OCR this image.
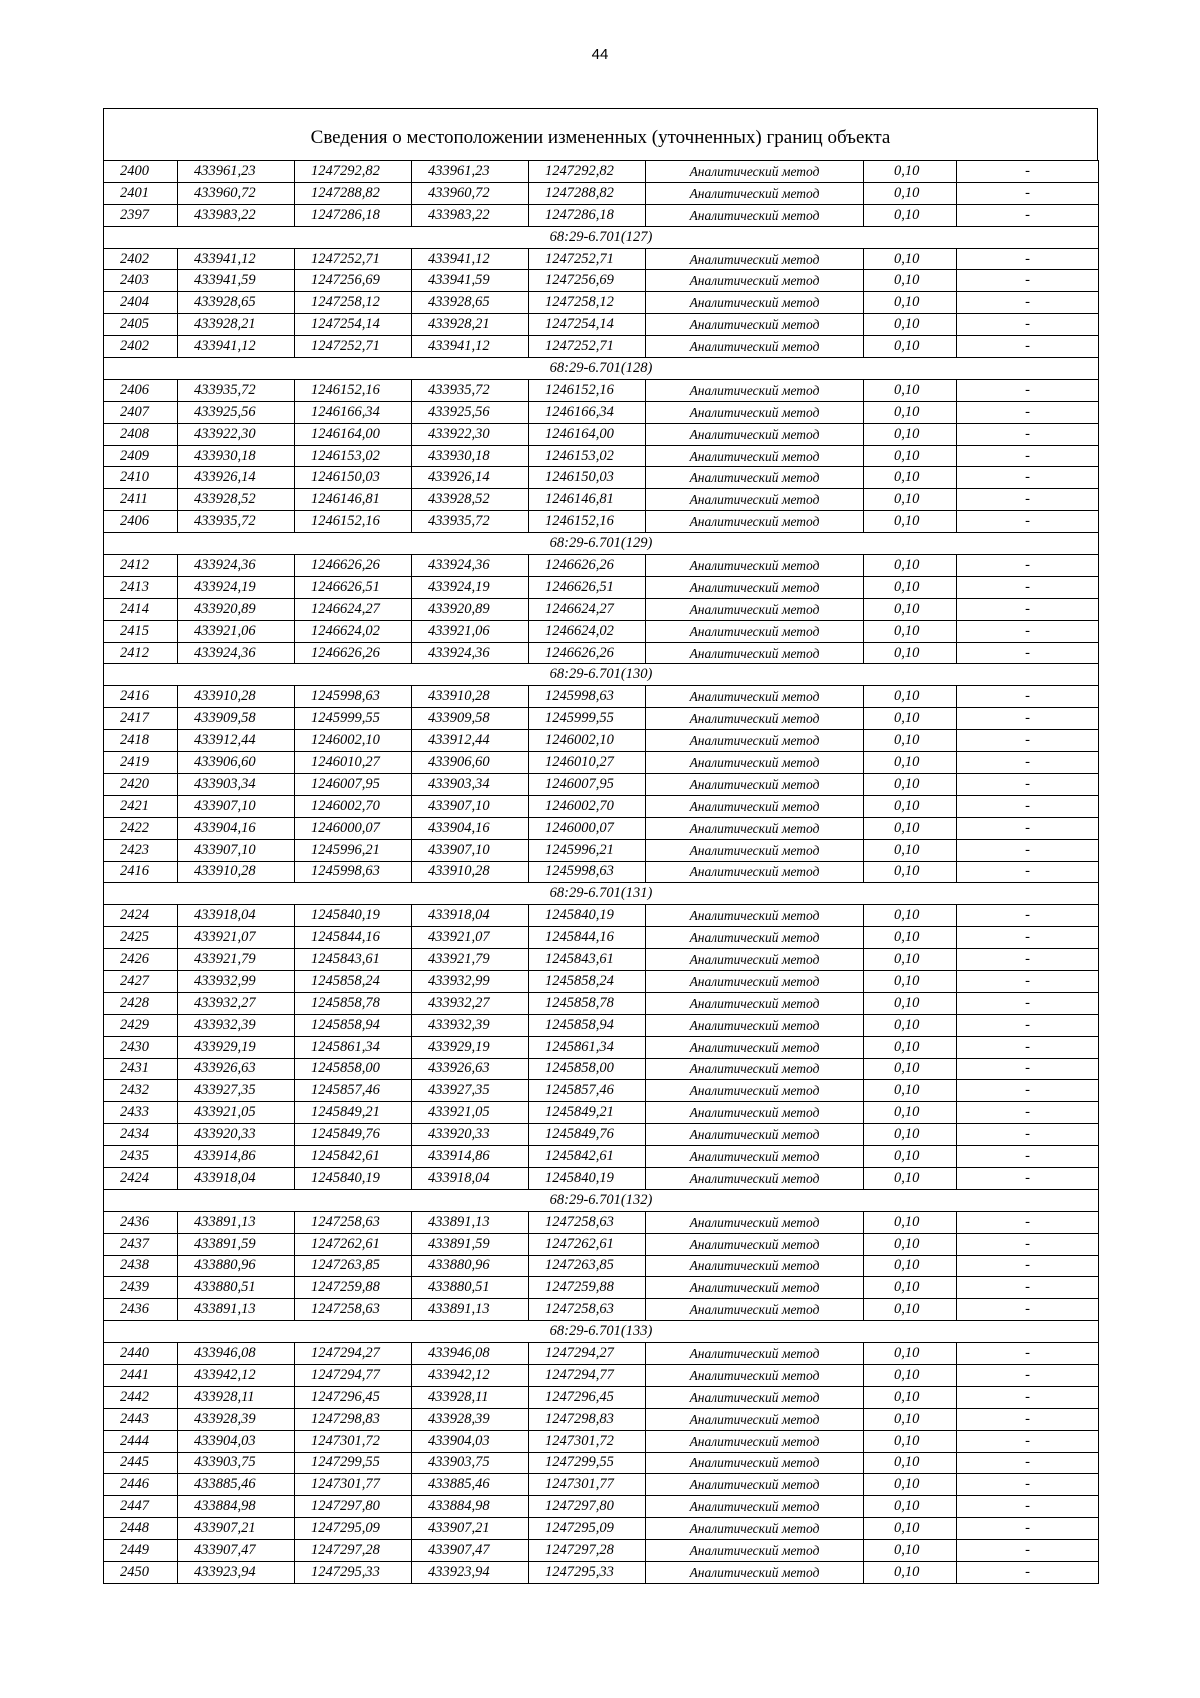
44
Сведения о местоположении измененных (уточненных) границ объекта
2400	433961,23	1247292,82	433961,23	1247292,82	Аналитический метод	0,10	-
2401	433960,72	1247288,82	433960,72	1247288,82	Аналитический метод	0,10	-
2397	433983,22	1247286,18	433983,22	1247286,18	Аналитический метод	0,10	-
68:29-6.701(127)							
2402	433941,12	1247252,71	433941,12	1247252,71	Аналитический метод	0,10	-
2403	433941,59	1247256,69	433941,59	1247256,69	Аналитический метод	0,10	-
2404	433928,65	1247258,12	433928,65	1247258,12	Аналитический метод	0,10	-
2405	433928,21	1247254,14	433928,21	1247254,14	Аналитический метод	0,10	-
2402	433941,12	1247252,71	433941,12	1247252,71	Аналитический метод	0,10	-
68:29-6.701(128)							
2406	433935,72	1246152,16	433935,72	1246152,16	Аналитический метод	0,10	-
2407	433925,56	1246166,34	433925,56	1246166,34	Аналитический метод	0,10	-
2408	433922,30	1246164,00	433922,30	1246164,00	Аналитический метод	0,10	-
2409	433930,18	1246153,02	433930,18	1246153,02	Аналитический метод	0,10	-
2410	433926,14	1246150,03	433926,14	1246150,03	Аналитический метод	0,10	-
2411	433928,52	1246146,81	433928,52	1246146,81	Аналитический метод	0,10	-
2406	433935,72	1246152,16	433935,72	1246152,16	Аналитический метод	0,10	-
68:29-6.701(129)							
2412	433924,36	1246626,26	433924,36	1246626,26	Аналитический метод	0,10	-
2413	433924,19	1246626,51	433924,19	1246626,51	Аналитический метод	0,10	-
2414	433920,89	1246624,27	433920,89	1246624,27	Аналитический метод	0,10	-
2415	433921,06	1246624,02	433921,06	1246624,02	Аналитический метод	0,10	-
2412	433924,36	1246626,26	433924,36	1246626,26	Аналитический метод	0,10	-
68:29-6.701(130)							
2416	433910,28	1245998,63	433910,28	1245998,63	Аналитический метод	0,10	-
2417	433909,58	1245999,55	433909,58	1245999,55	Аналитический метод	0,10	-
2418	433912,44	1246002,10	433912,44	1246002,10	Аналитический метод	0,10	-
2419	433906,60	1246010,27	433906,60	1246010,27	Аналитический метод	0,10	-
2420	433903,34	1246007,95	433903,34	1246007,95	Аналитический метод	0,10	-
2421	433907,10	1246002,70	433907,10	1246002,70	Аналитический метод	0,10	-
2422	433904,16	1246000,07	433904,16	1246000,07	Аналитический метод	0,10	-
2423	433907,10	1245996,21	433907,10	1245996,21	Аналитический метод	0,10	-
2416	433910,28	1245998,63	433910,28	1245998,63	Аналитический метод	0,10	-
68:29-6.701(131)							
2424	433918,04	1245840,19	433918,04	1245840,19	Аналитический метод	0,10	-
2425	433921,07	1245844,16	433921,07	1245844,16	Аналитический метод	0,10	-
2426	433921,79	1245843,61	433921,79	1245843,61	Аналитический метод	0,10	-
2427	433932,99	1245858,24	433932,99	1245858,24	Аналитический метод	0,10	-
2428	433932,27	1245858,78	433932,27	1245858,78	Аналитический метод	0,10	-
2429	433932,39	1245858,94	433932,39	1245858,94	Аналитический метод	0,10	-
2430	433929,19	1245861,34	433929,19	1245861,34	Аналитический метод	0,10	-
2431	433926,63	1245858,00	433926,63	1245858,00	Аналитический метод	0,10	-
2432	433927,35	1245857,46	433927,35	1245857,46	Аналитический метод	0,10	-
2433	433921,05	1245849,21	433921,05	1245849,21	Аналитический метод	0,10	-
2434	433920,33	1245849,76	433920,33	1245849,76	Аналитический метод	0,10	-
2435	433914,86	1245842,61	433914,86	1245842,61	Аналитический метод	0,10	-
2424	433918,04	1245840,19	433918,04	1245840,19	Аналитический метод	0,10	-
68:29-6.701(132)							
2436	433891,13	1247258,63	433891,13	1247258,63	Аналитический метод	0,10	-
2437	433891,59	1247262,61	433891,59	1247262,61	Аналитический метод	0,10	-
2438	433880,96	1247263,85	433880,96	1247263,85	Аналитический метод	0,10	-
2439	433880,51	1247259,88	433880,51	1247259,88	Аналитический метод	0,10	-
2436	433891,13	1247258,63	433891,13	1247258,63	Аналитический метод	0,10	-
68:29-6.701(133)							
2440	433946,08	1247294,27	433946,08	1247294,27	Аналитический метод	0,10	-
2441	433942,12	1247294,77	433942,12	1247294,77	Аналитический метод	0,10	-
2442	433928,11	1247296,45	433928,11	1247296,45	Аналитический метод	0,10	-
2443	433928,39	1247298,83	433928,39	1247298,83	Аналитический метод	0,10	-
2444	433904,03	1247301,72	433904,03	1247301,72	Аналитический метод	0,10	-
2445	433903,75	1247299,55	433903,75	1247299,55	Аналитический метод	0,10	-
2446	433885,46	1247301,77	433885,46	1247301,77	Аналитический метод	0,10	-
2447	433884,98	1247297,80	433884,98	1247297,80	Аналитический метод	0,10	-
2448	433907,21	1247295,09	433907,21	1247295,09	Аналитический метод	0,10	-
2449	433907,47	1247297,28	433907,47	1247297,28	Аналитический метод	0,10	-
2450	433923,94	1247295,33	433923,94	1247295,33	Аналитический метод	0,10	-
